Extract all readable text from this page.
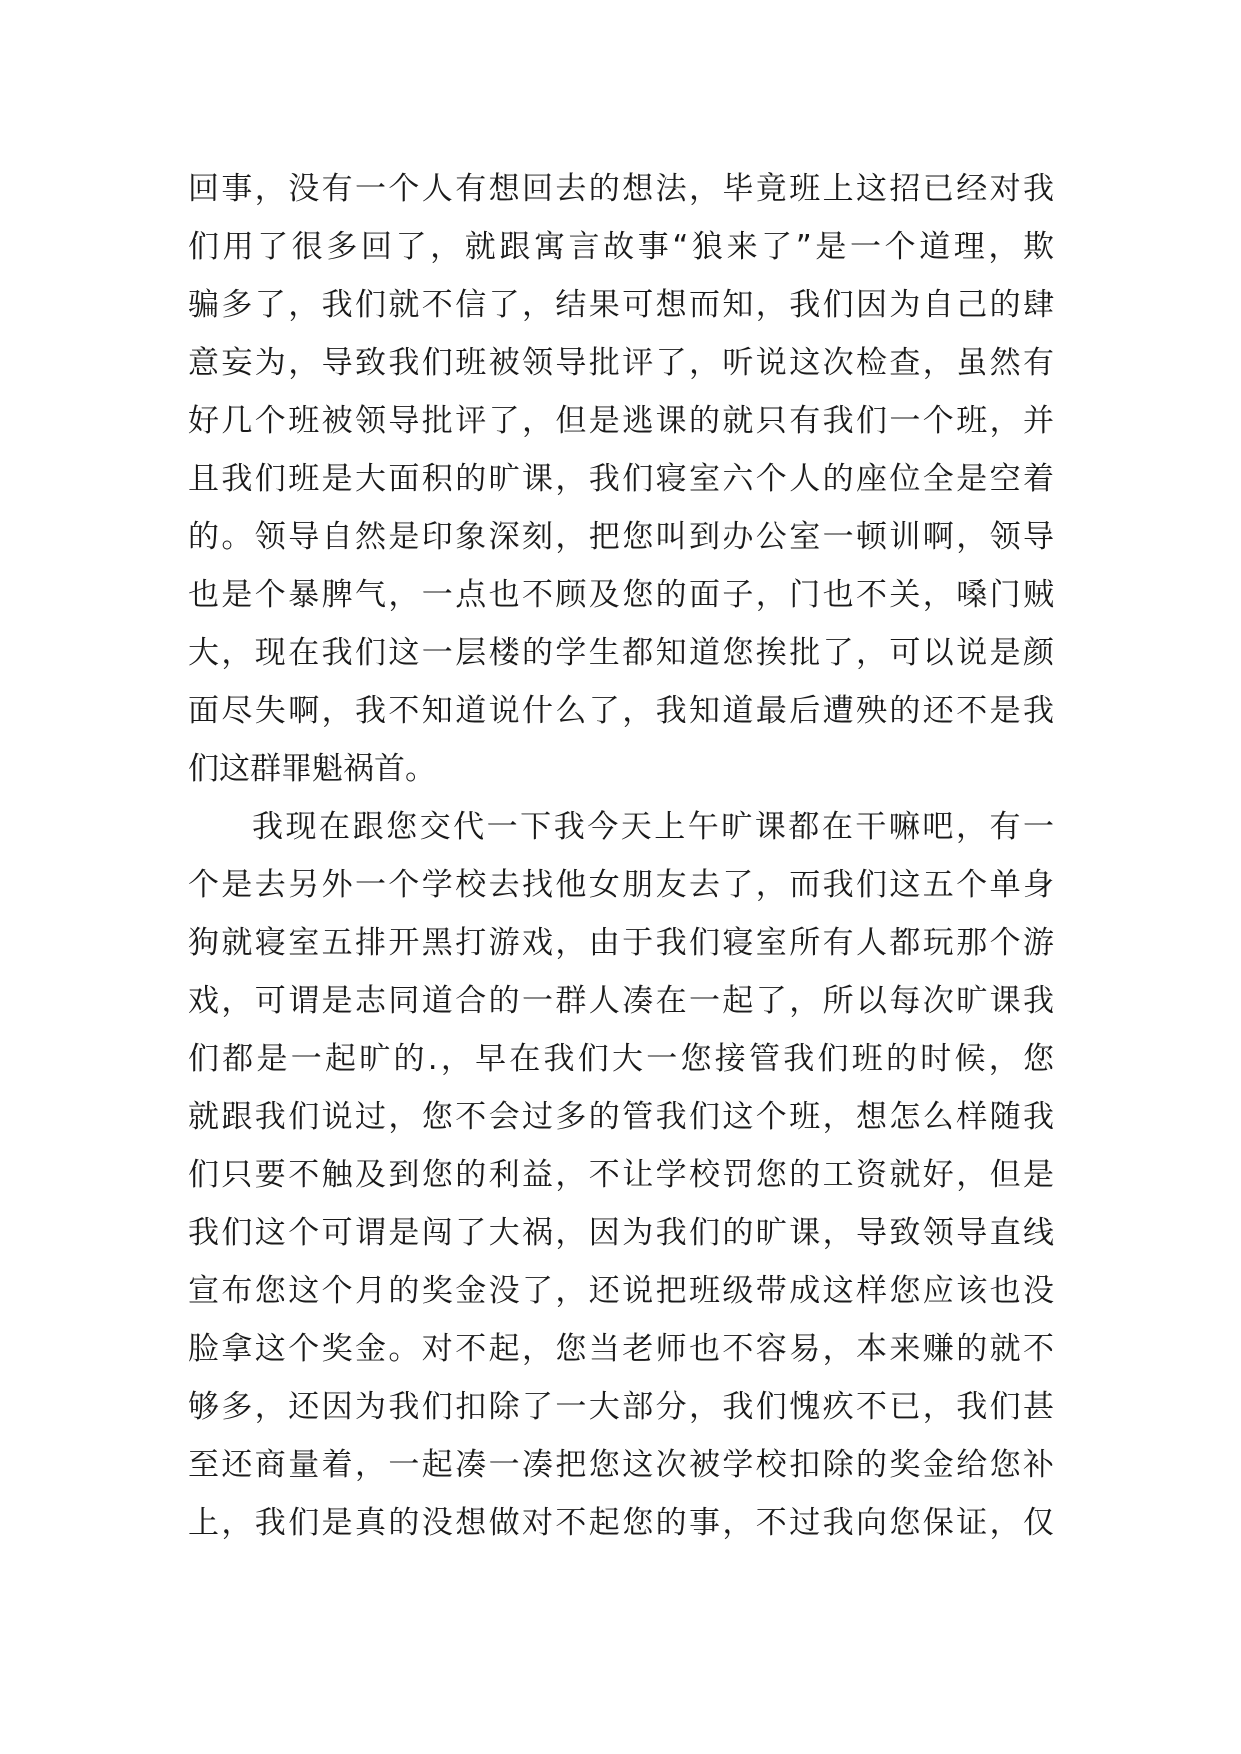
回事，没有一个人有想回去的想法，毕竟班上这招已经对我
们用了很多回了，就跟寓言故事“狼来了”是一个道理，欺
骗多了，我们就不信了，结果可想而知，我们因为自己的肆
意妄为，导致我们班被领导批评了，听说这次检查，虽然有
好几个班被领导批评了，但是逃课的就只有我们一个班，并
且我们班是大面积的旷课，我们寝室六个人的座位全是空着
的。领导自然是印象深刻，把您叫到办公室一顿训啊，领导
也是个暴脾气，一点也不顾及您的面子，门也不关，嗓门贼
大，现在我们这一层楼的学生都知道您挨批了，可以说是颜
面尽失啊，我不知道说什么了，我知道最后遭殃的还不是我
们这群罪魁祸首。
我现在跟您交代一下我今天上午旷课都在干嘛吧，有一
个是去另外一个学校去找他女朋友去了，而我们这五个单身
狗就寝室五排开黑打游戏，由于我们寝室所有人都玩那个游
戏，可谓是志同道合的一群人凑在一起了，所以每次旷课我
们都是一起旷的.，早在我们大一您接管我们班的时候，您
就跟我们说过，您不会过多的管我们这个班，想怎么样随我
们只要不触及到您的利益，不让学校罚您的工资就好，但是
我们这个可谓是闯了大祸，因为我们的旷课，导致领导直线
宣布您这个月的奖金没了，还说把班级带成这样您应该也没
脸拿这个奖金。对不起，您当老师也不容易，本来赚的就不
够多，还因为我们扣除了一大部分，我们愧疚不已，我们甚
至还商量着，一起凑一凑把您这次被学校扣除的奖金给您补
上，我们是真的没想做对不起您的事，不过我向您保证，仅
